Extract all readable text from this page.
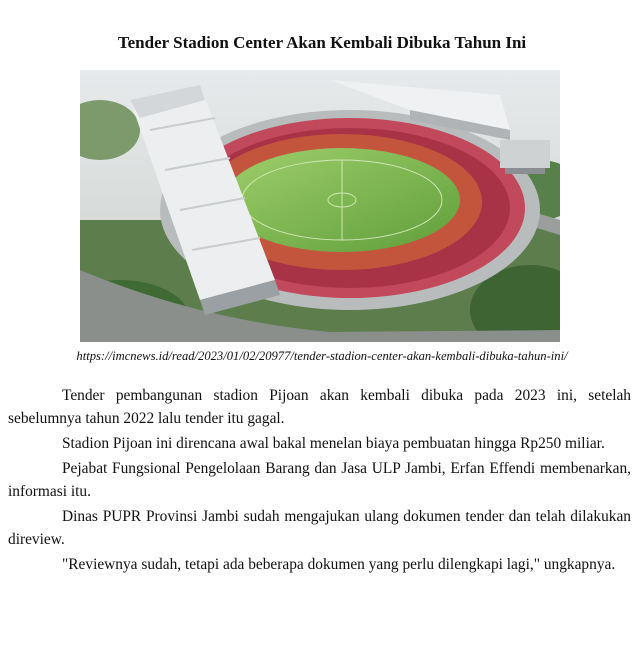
Tender Stadion Center Akan Kembali Dibuka Tahun Ini
https://imcnews.id/read/2023/01/02/20977/tender-stadion-center-akan-kembali-dibuka-tahun-ini/

Tender pembangunan stadion Pijoan akan kembali dibuka pada 2023 ini, setelah sebelumnya tahun 2022 lalu tender itu gagal.

Stadion Pijoan ini direncana awal bakal menelan biaya pembuatan hingga Rp250 miliar.

Pejabat Fungsional Pengelolaan Barang dan Jasa ULP Jambi, Erfan Effendi membenarkan, informasi itu.

Dinas PUPR Provinsi Jambi sudah mengajukan ulang dokumen tender dan telah dilakukan direview.

"Reviewnya sudah, tetapi ada beberapa dokumen yang perlu dilengkapi lagi," ungkapnya.
